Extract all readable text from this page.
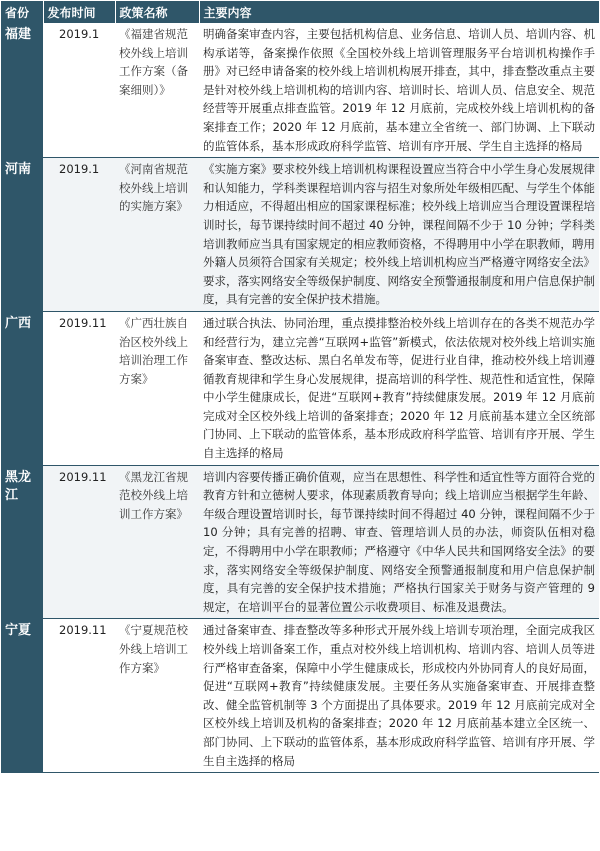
省份	发布时间	政策名称	主要内容
福建	2019.1	《福建省规范校外线上培训工作方案（备案细则）》	明确备案审查内容，主要包括机构信息、业务信息、培训人员、培训内容、机构承诺等，备案操作依照《全国校外线上培训管理服务平台培训机构操作手册》对已经申请备案的校外线上培训机构展开排查，其中，排查整改重点主要是针对校外线上培训机构的培训内容、培训时长、培训人员、信息安全、规范经营等开展重点排查监管。2019 年 12 月底前，完成校外线上培训机构的备案排查工作；2020 年 12 月底前，基本建立全省统一、部门协调、上下联动的监管体系，基本形成政府科学监管、培训有序开展、学生自主选择的格局
河南	2019.1	《河南省规范校外线上培训的实施方案》	《实施方案》要求校外线上培训机构课程设置应当符合中小学生身心发展规律和认知能力，学科类课程培训内容与招生对象所处年级相匹配、与学生个体能力相适应，不得超出相应的国家课程标准；校外线上培训应当合理设置课程培训时长，每节课持续时间不超过 40 分钟，课程间隔不少于 10 分钟；学科类培训教师应当具有国家规定的相应教师资格，不得聘用中小学在职教师，聘用外籍人员须符合国家有关规定；校外线上培训机构应当严格遵守网络安全法》要求，落实网络安全等级保护制度、网络安全预警通报制度和用户信息保护制度，具有完善的安全保护技术措施。
广西	2019.11	《广西壮族自治区校外线上培训治理工作方案》	通过联合执法、协同治理，重点摸排整治校外线上培训存在的各类不规范办学和经营行为，建立完善“互联网+监管”新模式，依法依规对校外线上培训实施备案审查、整改达标、黑白名单发布等，促进行业自律，推动校外线上培训遵循教育规律和学生身心发展规律，提高培训的科学性、规范性和适宜性，保障中小学生健康成长，促进“互联网+教育”持续健康发展。2019 年 12 月底前完成对全区校外线上培训的备案排查；2020 年 12 月底前基本建立全区统部门协同、上下联动的监管体系，基本形成政府科学监管、培训有序开展、学生自主选择的格局
黑龙江	2019.11	《黑龙江省规范校外线上培训工作方案》	培训内容要传播正确价值观，应当在思想性、科学性和适宜性等方面符合党的教育方针和立德树人要求，体现素质教育导向；线上培训应当根据学生年龄、年级合理设置培训时长，每节课持续时间不得超过 40 分钟，课程间隔不少于 10 分钟；具有完善的招聘、审查、管理培训人员的办法，师资队伍相对稳定，不得聘用中小学在职教师；严格遵守《中华人民共和国网络安全法》的要求，落实网络安全等级保护制度、网络安全预警通报制度和用户信息保护制度，具有完善的安全保护技术措施；严格执行国家关于财务与资产管理的 9 规定，在培训平台的显著位置公示收费项目、标准及退费法。
宁夏	2019.11	《宁夏规范校外线上培训工作方案》	通过备案审查、排查整改等多种形式开展外线上培训专项治理，全面完成我区校外线上培训备案工作，重点对校外线上培训机构、培训内容、培训人员等进行严格审查备案，保障中小学生健康成长，形成校内外协同育人的良好局面，促进“互联网+教育”持续健康发展。主要任务从实施备案审查、开展排查整改、健全监管机制等 3 个方面提出了具体要求。2019 年 12 月底前完成对全区校外线上培训及机构的备案排查；2020 年 12 月底前基本建立全区统一、部门协同、上下联动的监管体系，基本形成政府科学监管、培训有序开展、学生自主选择的格局
